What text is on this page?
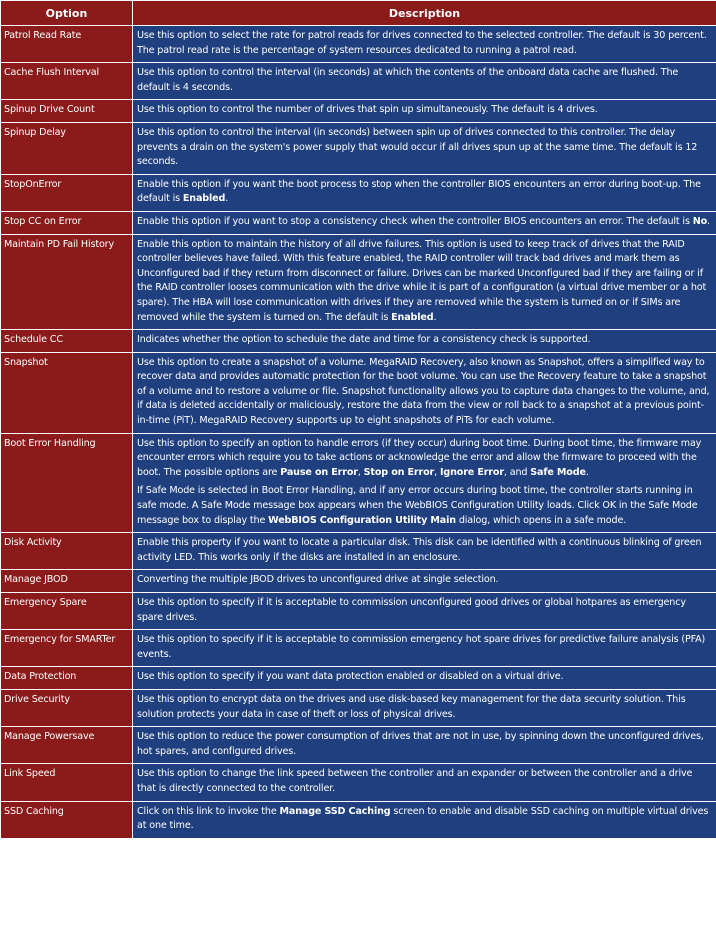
Option	Description
Patrol Read Rate	Use this option to select the rate for patrol reads for drives connected to the selected controller. The default is 30 percent. The patrol read rate is the percentage of system resources dedicated to running a patrol read.
Cache Flush Interval	Use this option to control the interval (in seconds) at which the contents of the onboard data cache are flushed. The default is 4 seconds.
Spinup Drive Count	Use this option to control the number of drives that spin up simultaneously. The default is 4 drives.
Spinup Delay	Use this option to control the interval (in seconds) between spin up of drives connected to this controller. The delay prevents a drain on the system's power supply that would occur if all drives spun up at the same time. The default is 12 seconds.
StopOnError	Enable this option if you want the boot process to stop when the controller BIOS encounters an error during boot-up. The default is Enabled.
Stop CC on Error	Enable this option if you want to stop a consistency check when the controller BIOS encounters an error. The default is No.
Maintain PD Fail History	Enable this option to maintain the history of all drive failures. This option is used to keep track of drives that the RAID controller believes have failed. With this feature enabled, the RAID controller will track bad drives and mark them as Unconfigured bad if they return from disconnect or failure. Drives can be marked Unconfigured bad if they are failing or if the RAID controller looses communication with the drive while it is part of a configuration (a virtual drive member or a hot spare). The HBA will lose communication with drives if they are removed while the system is turned on or if SIMs are removed while the system is turned on. The default is Enabled.
Schedule CC	Indicates whether the option to schedule the date and time for a consistency check is supported.
Snapshot	Use this option to create a snapshot of a volume. MegaRAID Recovery, also known as Snapshot, offers a simplified way to recover data and provides automatic protection for the boot volume. You can use the Recovery feature to take a snapshot of a volume and to restore a volume or file. Snapshot functionality allows you to capture data changes to the volume, and, if data is deleted accidentally or maliciously, restore the data from the view or roll back to a snapshot at a previous point-in-time (PiT). MegaRAID Recovery supports up to eight snapshots of PiTs for each volume.
Boot Error Handling	Use this option to specify an option to handle errors (if they occur) during boot time. During boot time, the firmware may encounter errors which require you to take actions or acknowledge the error and allow the firmware to proceed with the boot. The possible options are Pause on Error, Stop on Error, Ignore Error, and Safe Mode.

If Safe Mode is selected in Boot Error Handling, and if any error occurs during boot time, the controller starts running in safe mode. A Safe Mode message box appears when the WebBIOS Configuration Utility loads. Click OK in the Safe Mode message box to display the WebBIOS Configuration Utility Main dialog, which opens in a safe mode.

Disk Activity	Enable this property if you want to locate a particular disk. This disk can be identified with a continuous blinking of green activity LED. This works only if the disks are installed in an enclosure.
Manage JBOD	Converting the multiple JBOD drives to unconfigured drive at single selection.
Emergency Spare	Use this option to specify if it is acceptable to commission unconfigured good drives or global hotpares as emergency spare drives.
Emergency for SMARTer	Use this option to specify if it is acceptable to commission emergency hot spare drives for predictive failure analysis (PFA) events.
Data Protection	Use this option to specify if you want data protection enabled or disabled on a virtual drive.
Drive Security	Use this option to encrypt data on the drives and use disk-based key management for the data security solution. This solution protects your data in case of theft or loss of physical drives.
Manage Powersave	Use this option to reduce the power consumption of drives that are not in use, by spinning down the unconfigured drives, hot spares, and configured drives.
Link Speed	Use this option to change the link speed between the controller and an expander or between the controller and a drive that is directly connected to the controller.
SSD Caching	Click on this link to invoke the Manage SSD Caching screen to enable and disable SSD caching on multiple virtual drives at one time.
